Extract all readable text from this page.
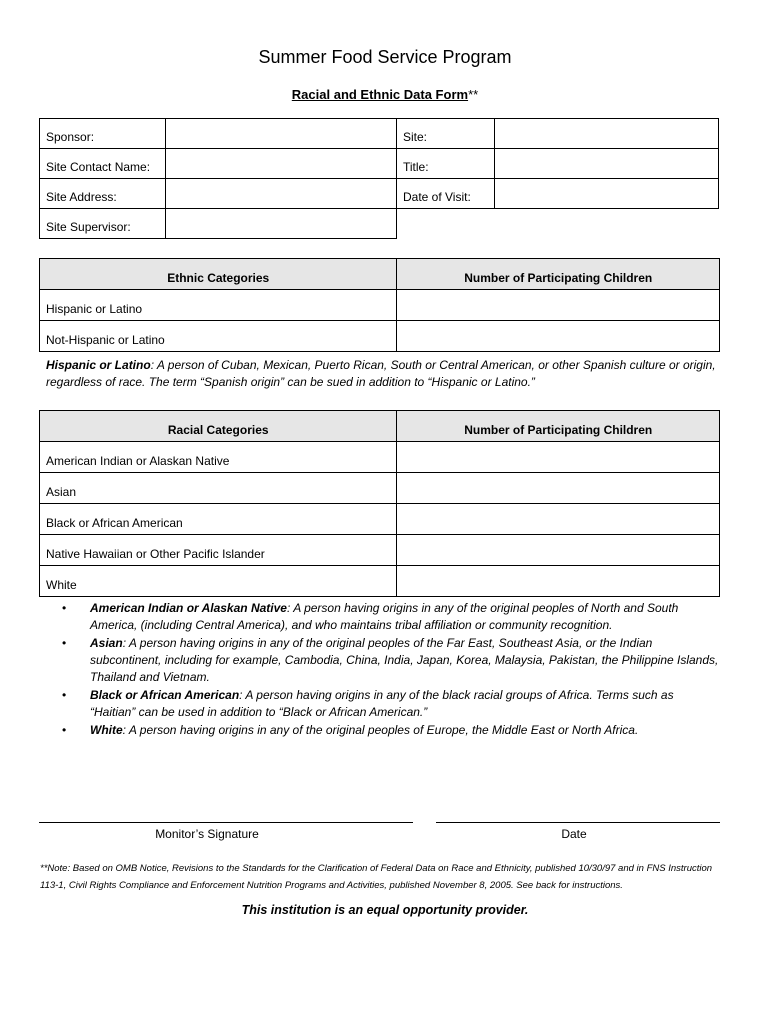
Summer Food Service Program
Racial and Ethnic Data Form**
Sponsor:		Site:	
Site Contact Name:		Title:	
Site Address:		Date of Visit:	
Site Supervisor:			
Ethnic Categories	Number of Participating Children
Hispanic or Latino	
Not-Hispanic or Latino	
Hispanic or Latino: A person of Cuban, Mexican, Puerto Rican, South or Central American, or other Spanish culture or origin, regardless of race. The term “Spanish origin” can be sued in addition to “Hispanic or Latino.”
Racial Categories	Number of Participating Children
American Indian or Alaskan Native	
Asian	
Black or African American	
Native Hawaiian or Other Pacific Islander	
White	
• American Indian or Alaskan Native: A person having origins in any of the original peoples of North and South America, (including Central America), and who maintains tribal affiliation or community recognition.
• Asian: A person having origins in any of the original peoples of the Far East, Southeast Asia, or the Indian subcontinent, including for example, Cambodia, China, India, Japan, Korea, Malaysia, Pakistan, the Philippine Islands, Thailand and Vietnam.
• Black or African American: A person having origins in any of the black racial groups of Africa. Terms such as “Haitian” can be used in addition to “Black or African American.”
• White: A person having origins in any of the original peoples of Europe, the Middle East or North Africa.
Monitor’s Signature	Date
**Note: Based on OMB Notice, Revisions to the Standards for the Clarification of Federal Data on Race and Ethnicity, published 10/30/97 and in FNS Instruction 113-1, Civil Rights Compliance and Enforcement Nutrition Programs and Activities, published November 8, 2005. See back for instructions.
This institution is an equal opportunity provider.
